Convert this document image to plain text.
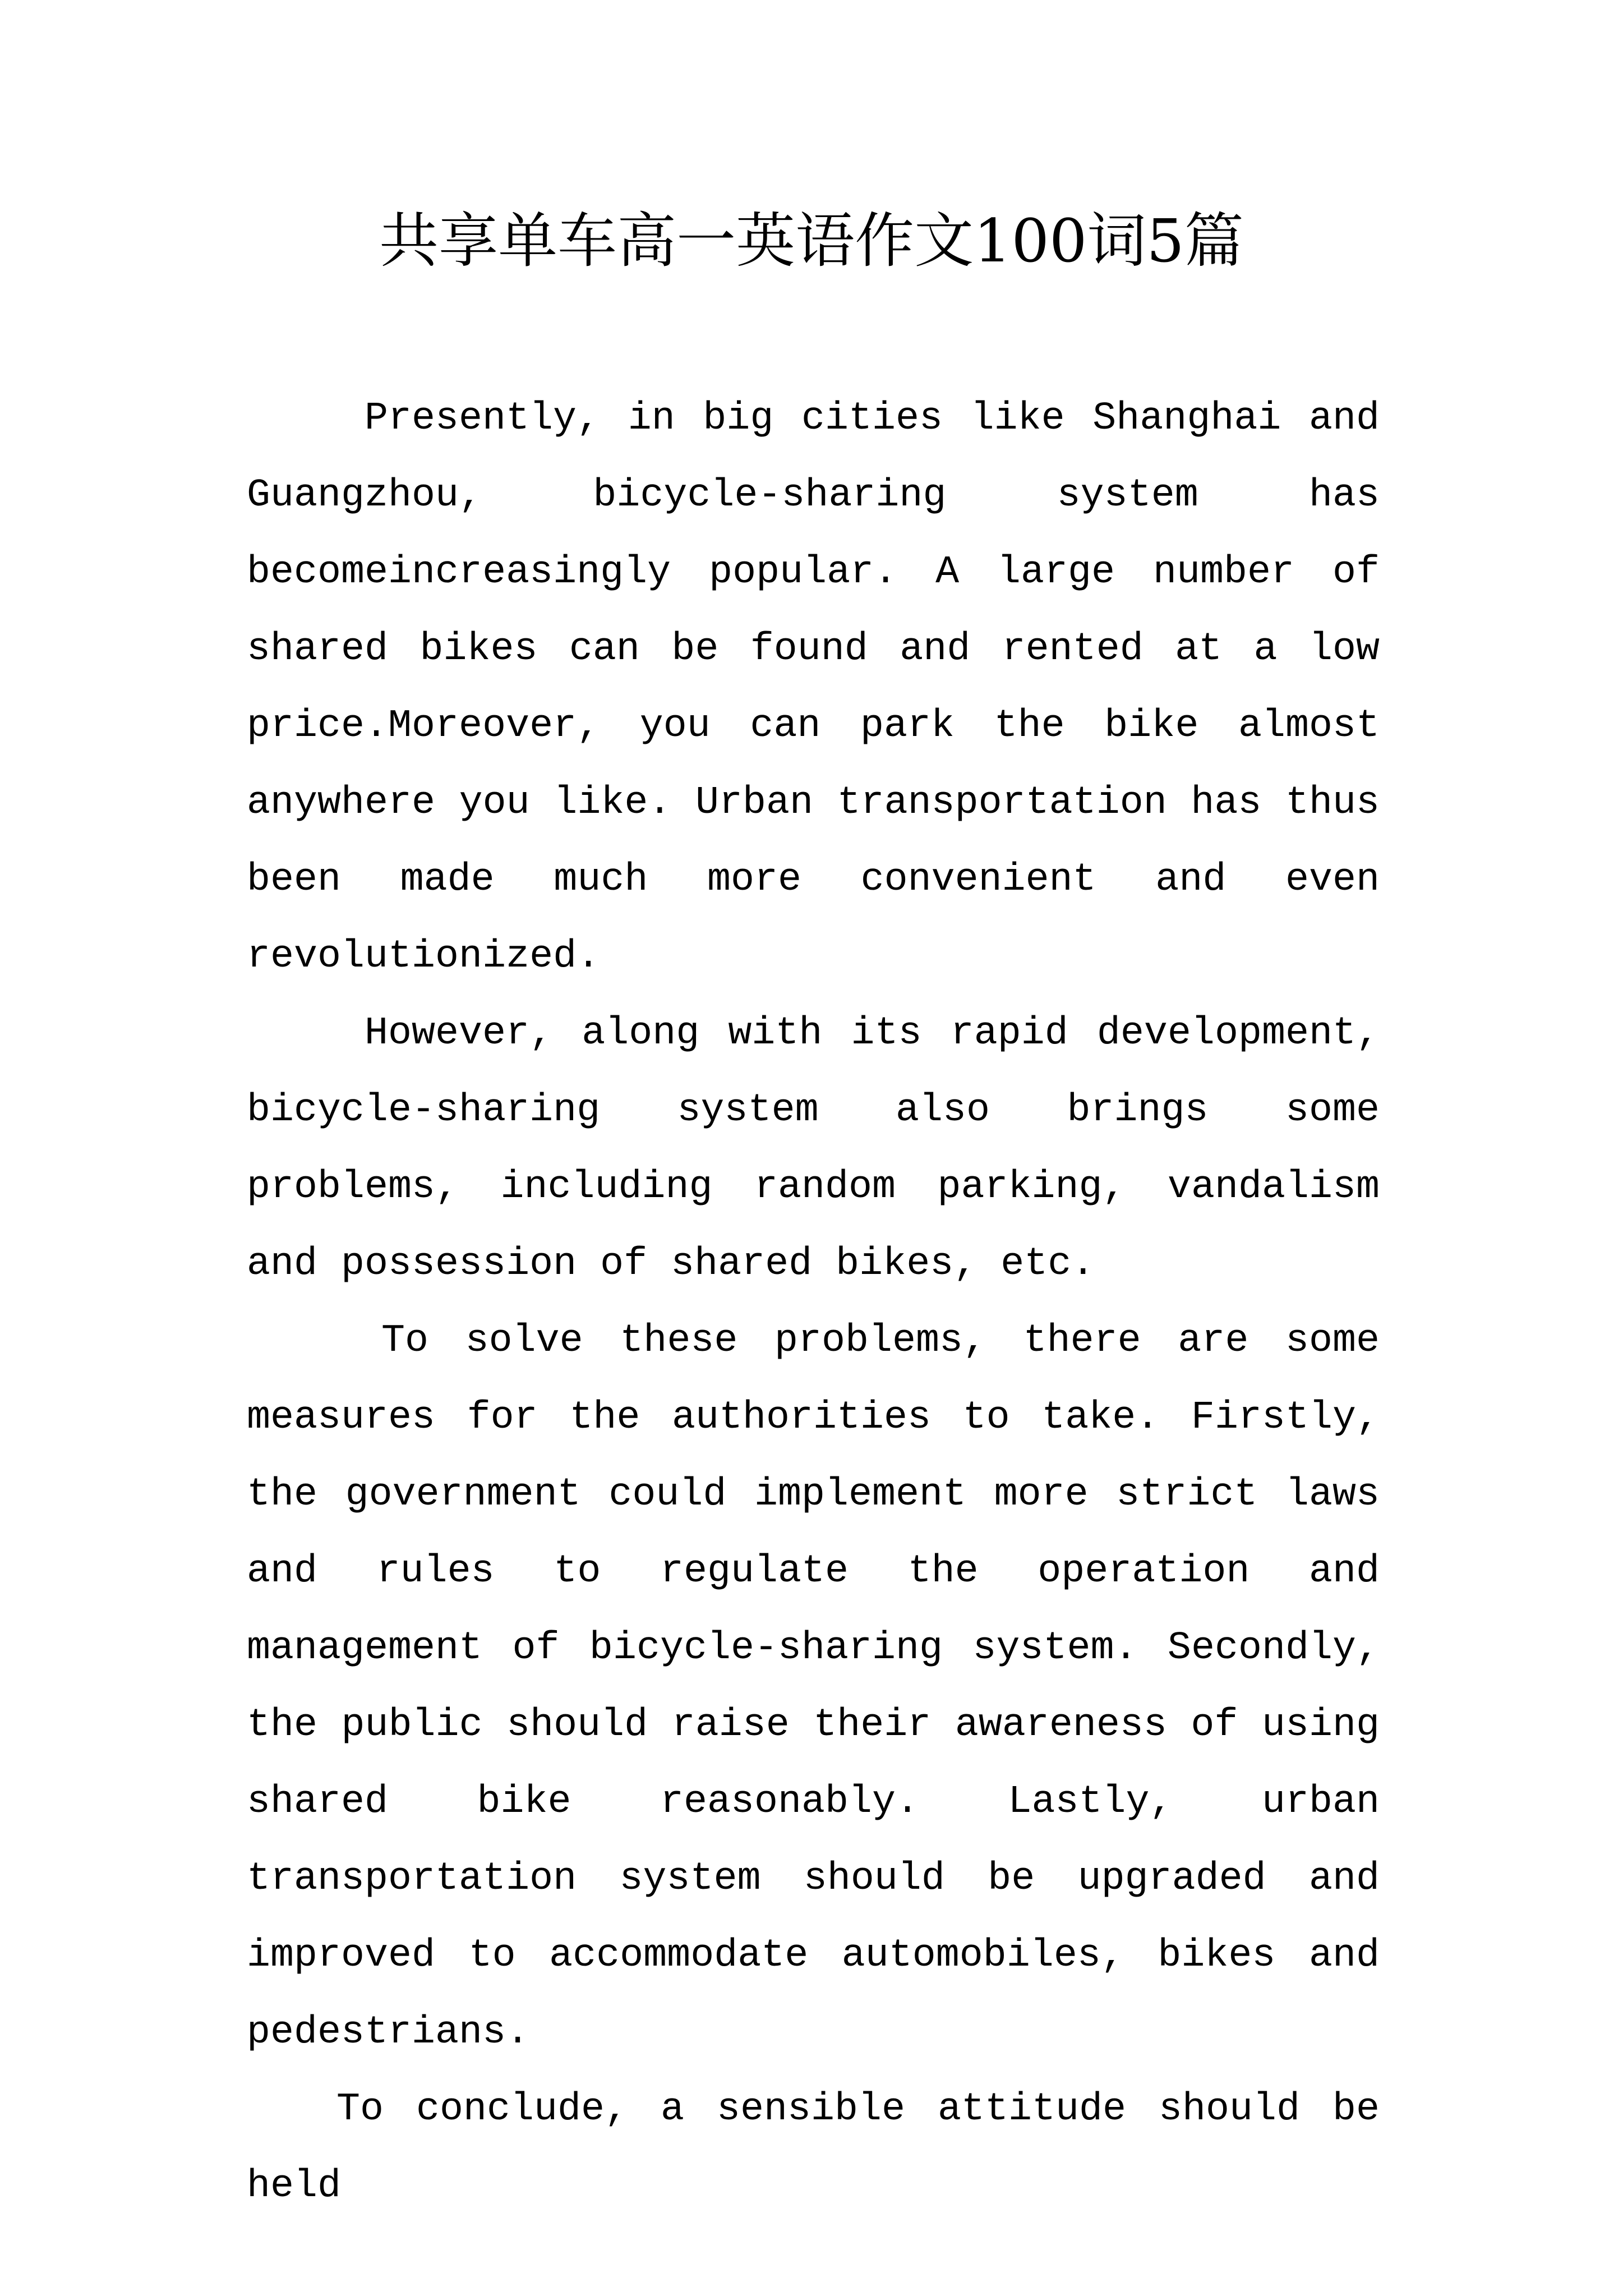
共享单车高一英语作文100词5篇

Presently, in big cities like Shanghai and Guangzhou, bicycle-sharing system has becomeincreasingly popular. A large number of shared bikes can be found and rented at a low price.Moreover, you can park the bike almost anywhere you like. Urban transportation has thus been made much more convenient and even revolutionized.

However, along with its rapid development, bicycle-sharing system also brings some problems, including random parking, vandalism and possession of shared bikes, etc.

To solve these problems, there are some measures for the authorities to take. Firstly, the government could implement more strict laws and rules to regulate the operation and management of bicycle-sharing system. Secondly, the public should raise their awareness of using shared bike reasonably. Lastly, urban transportation system should be upgraded and improved to accommodate automobiles, bikes and pedestrians.

To conclude, a sensible attitude should be held
